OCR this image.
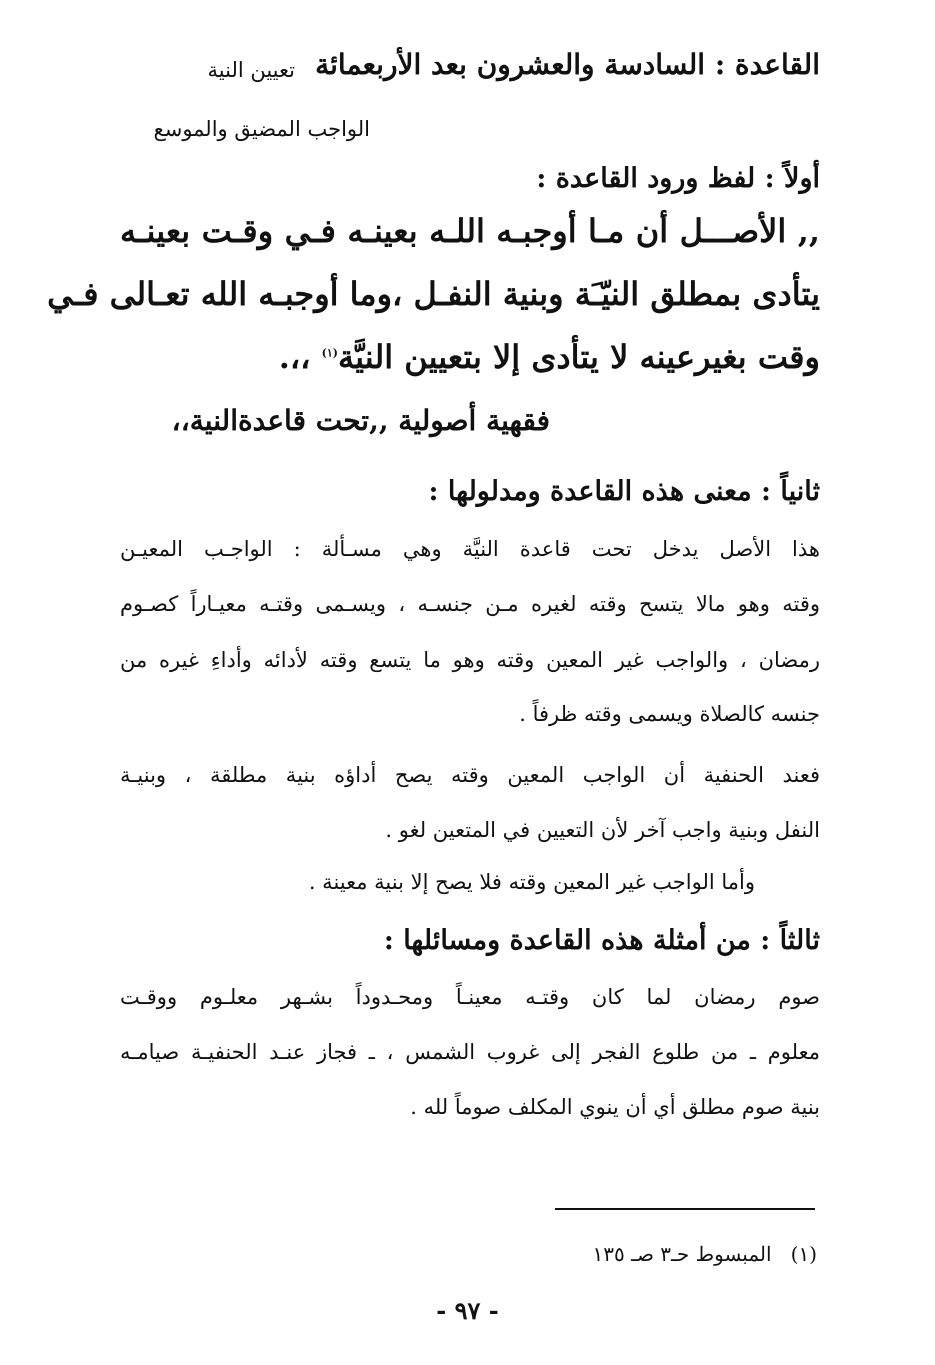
القاعدة : السادسة والعشرون بعد الأربعمائة

تعيين النية

الواجب المضيق والموسع

أولاً : لفظ ورود القاعدة :

,, الأصـــل أن مـا أوجبـه اللـه بعينـه فـي وقـت بعينـه

يتأدى بمطلق النيّـَة وبنية النفـل ،وما أوجبـه الله تعـالى فـي

وقت بغيرعينه لا يتأدى إلا بتعيين النيَّة$^{(١)}$ ،،.

فقهية أصولية ,,تحت قاعدةالنية،،

ثانياً : معنى هذه القاعدة ومدلولها :

هذا الأصل يدخل تحت قاعدة النيَّة وهي مسـألة : الواجـب المعيـن

وقته وهو مالا يتسح وقته لغيره مـن جنسـه ، ويسـمى وقتـه معيـاراً كصـوم

رمضان ، والواجب غير المعين وقته وهو ما يتسع وقته لأدائه وأداءِ غيره من

جنسه كالصلاة ويسمى وقته ظرفاً .

فعند الحنفية أن الواجب المعين وقته يصح أداؤه بنية مطلقة ، وبنيـة

النفل وبنية واجب آخر لأن التعيين في المتعين لغو .

وأما الواجب غير المعين وقته فلا يصح إلا بنية معينة .

ثالثاً : من أمثلة هذه القاعدة ومسائلها :

صوم رمضان لما كان وقتـه معينـاً ومحـدوداً بشـهر معلـوم ووقـت

معلوم ـ من طلوع الفجر إلى غروب الشمس ، ـ فجاز عنـد الحنفيـة صيامـه

بنية صوم مطلق أي أن ينوي المكلف صوماً لله .

(١)   المبسوط حـ٣ صـ ١٣٥

- ٩٧ -
